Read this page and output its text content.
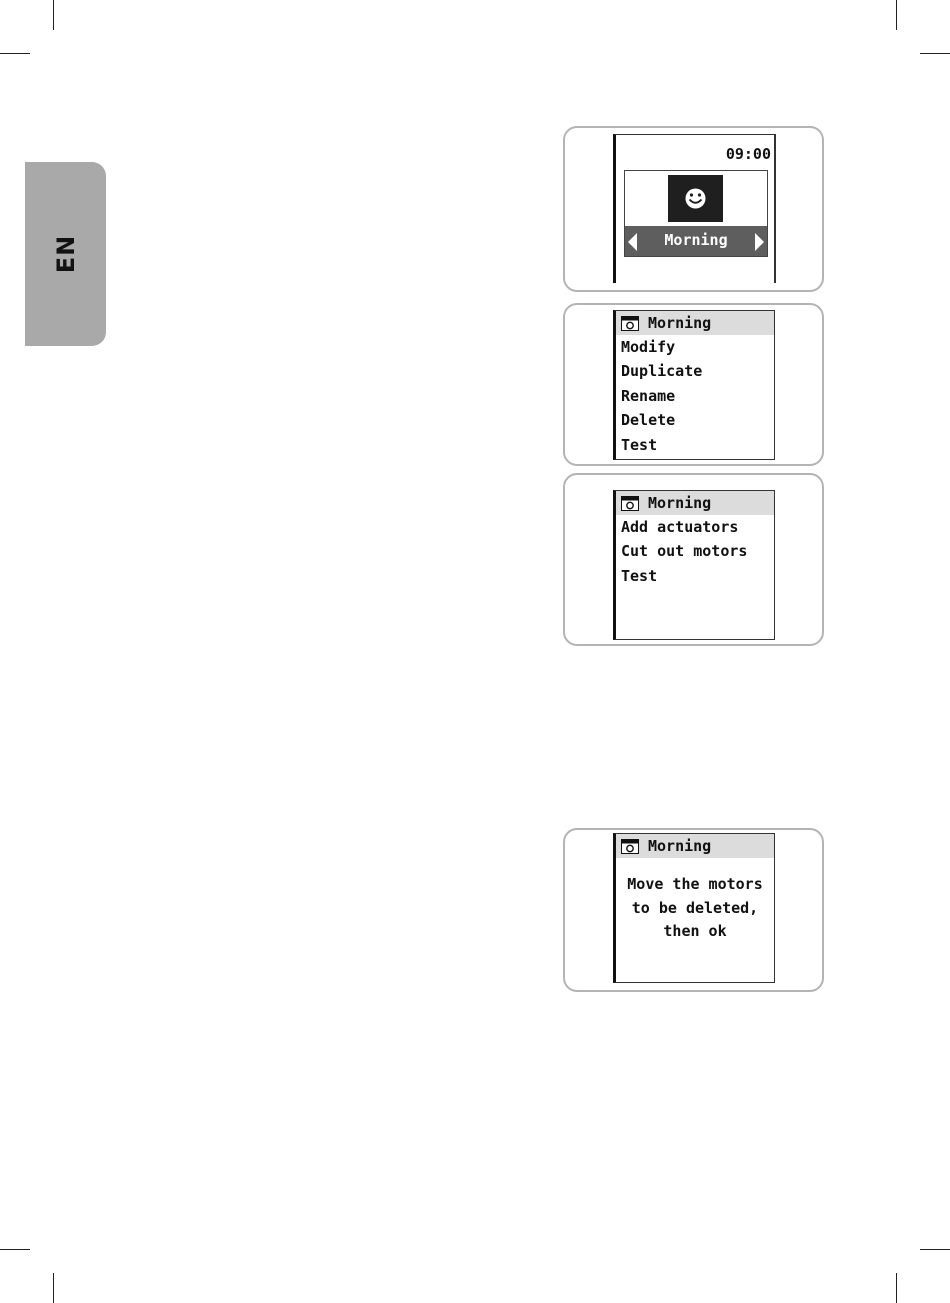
EN
09:00
Morning
Morning
Modify
Duplicate
Rename
Delete
Test
Morning
Add actuators
Cut out motors
Test
Morning
Move the motors
to be deleted,
then ok
